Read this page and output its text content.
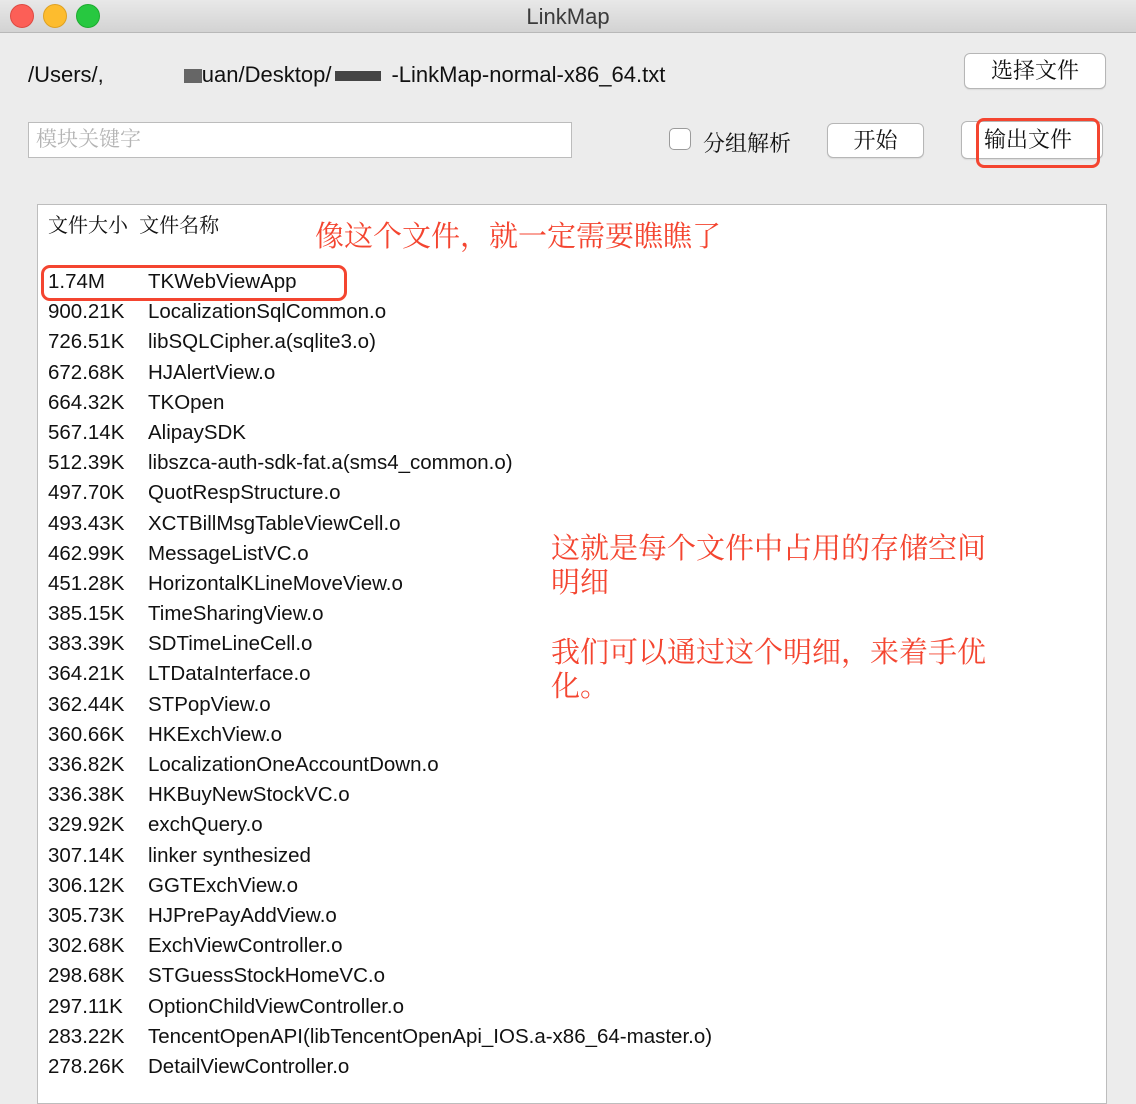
LinkMap
/Users/,	uan/Desktop/	-LinkMap-normal-x86_64.txt	选择文件
模块关键字
分组解析	开始	输出文件
文件大小  文件名称
1.74M TKWebViewApp
900.21K LocalizationSqlCommon.o
726.51K libSQLCipher.a(sqlite3.o)
672.68K HJAlertView.o
664.32K TKOpen
567.14K AlipaySDK
512.39K libszca-auth-sdk-fat.a(sms4_common.o)
497.70K QuotRespStructure.o
493.43K XCTBillMsgTableViewCell.o
462.99K MessageListVC.o
451.28K HorizontalKLineMoveView.o
385.15K TimeSharingView.o
383.39K SDTimeLineCell.o
364.21K LTDataInterface.o
362.44K STPopView.o
360.66K HKExchView.o
336.82K LocalizationOneAccountDown.o
336.38K HKBuyNewStockVC.o
329.92K exchQuery.o
307.14K linker synthesized
306.12K GGTExchView.o
305.73K HJPrePayAddView.o
302.68K ExchViewController.o
298.68K STGuessStockHomeVC.o
297.11K OptionChildViewController.o
283.22K TencentOpenAPI(libTencentOpenApi_IOS.a-x86_64-master.o)
278.26K DetailViewController.o
像这个文件，就一定需要瞧瞧了
这就是每个文件中占用的存储空间明细
我们可以通过这个明细，来着手优化。
